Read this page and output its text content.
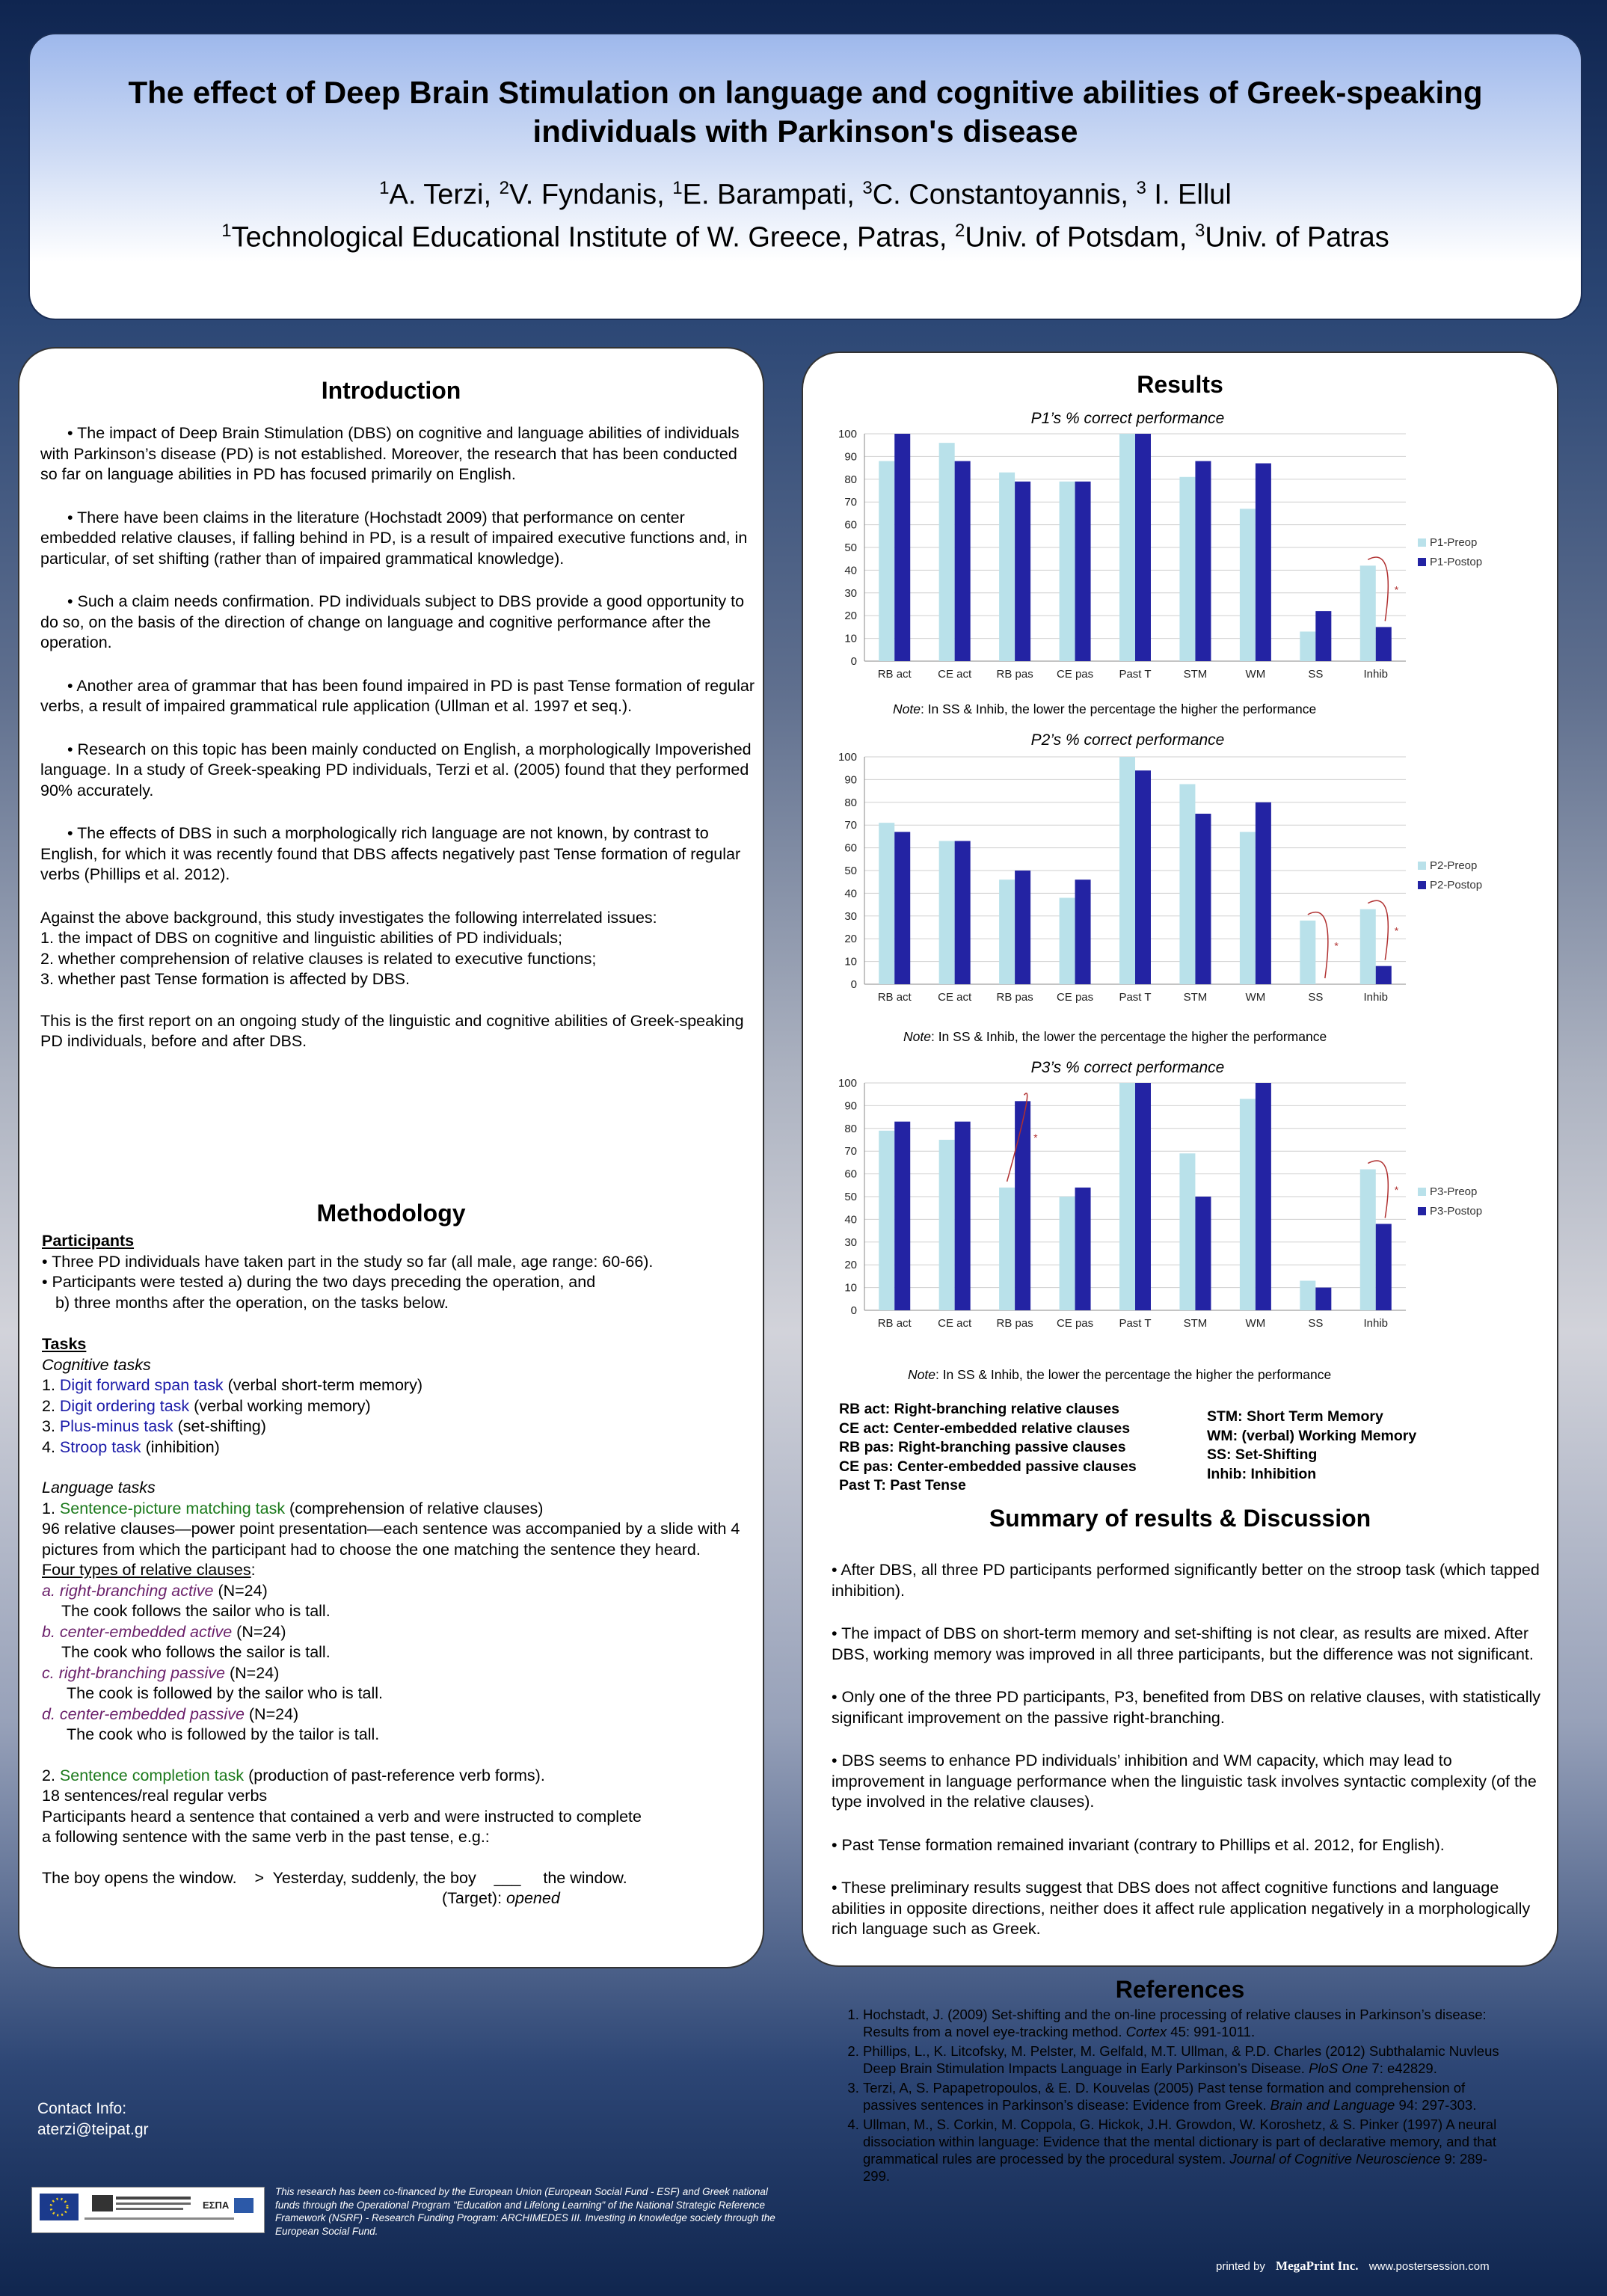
The effect of Deep Brain Stimulation on language and cognitive abilities of Greek-speaking
individuals with Parkinson's disease
$^1$A. Terzi, $^2$V. Fyndanis, $^1$E. Barampati, $^3$C. Constantoyannis, $^3$ I. Ellul
$^1$Technological Educational Institute of W. Greece, Patras, $^2$Univ. of Potsdam, $^3$Univ. of Patras
Introduction

• The impact of Deep Brain Stimulation (DBS) on cognitive and language abilities of individuals with Parkinson’s disease (PD) is not established. Moreover, the research that has been conducted so far on language abilities in PD has focused primarily on English.

• There have been claims in the literature (Hochstadt 2009) that performance on center embedded relative clauses, if falling behind in PD, is a result of impaired executive functions and, in particular, of set shifting (rather than of impaired grammatical knowledge).

• Such a claim needs confirmation. PD individuals subject to DBS provide a good opportunity to do so, on the basis of the direction of change on language and cognitive performance after the operation.

• Another area of grammar that has been found impaired in PD is past Tense formation of regular verbs, a result of impaired grammatical rule application (Ullman et al. 1997 et seq.).

• Research on this topic has been mainly conducted on English, a morphologically Impoverished language. In a study of Greek-speaking PD individuals, Terzi et al. (2005) found that they performed 90% accurately.

• The effects of DBS in such a morphologically rich language are not known, by contrast to English, for which it was recently found that DBS affects negatively past Tense formation of regular verbs (Phillips et al. 2012).

Against the above background, this study investigates the following interrelated issues:
1. the impact of DBS on cognitive and linguistic abilities of PD individuals;
2. whether comprehension of relative clauses is related to executive functions;
3. whether past Tense formation is affected by DBS.
This is the first report on an ongoing study of the linguistic and cognitive abilities of Greek-speaking PD individuals, before and after DBS.
Methodology
Participants
• Three PD individuals have taken part in the study so far (all male, age range: 60-66).
• Participants were tested a) during the two days preceding the operation, and
b) three months after the operation, on the tasks below.
Tasks
Cognitive tasks
1. Digit forward span task (verbal short-term memory)
2. Digit ordering task (verbal working memory)
3. Plus-minus task (set-shifting)
4. Stroop task (inhibition)
Language tasks
1. Sentence-picture matching task (comprehension of relative clauses)
96 relative clauses—power point presentation—each sentence was accompanied by a slide with 4 pictures from which the participant had to choose the one matching the sentence they heard.
Four types of relative clauses:
a. right-branching active (N=24)
The cook follows the sailor who is tall.
b. center-embedded active (N=24)
The cook who follows the sailor is tall.
c. right-branching passive (N=24)
The cook is followed by the sailor who is tall.
d. center-embedded passive (N=24)
The cook who is followed by the tailor is tall.
2. Sentence completion task (production of past-reference verb forms).
18 sentences/real regular verbs
Participants heard a sentence that contained a verb and were instructed to complete
a following sentence with the same verb in the past tense, e.g.:
The boy opens the window.    >  Yesterday, suddenly, the boy ___ the window.
(Target): opened
Results
P1’s % correct performance
0
10
20
30
40
50
60
70
80
90
100
RB act CE act RB pas CE pas Past T	STM	WM	SS	Inhib
*
P1-Preop
P1-Postop
Note: In SS & Inhib, the lower the percentage the higher the performance
P2’s % correct performance
0
10
20
30
40
50
60
70
80
90
100
RB act CE act RB pas CE pas Past T	STM	WM	SS
*
Inhib
*
P2-Preop
P2-Postop
Note: In SS & Inhib, the lower the percentage the higher the performance
P3’s % correct performance
0
10
20
30
40
50
60
70
80
90
100
RB act CE act RB pas
*
CE pas Past T	STM	WM	SS	Inhib
*	P3-Preop
P3-Postop
Note: In SS & Inhib, the lower the percentage the higher the performance
RB act: Right-branching relative clauses
CE act: Center-embedded relative clauses
RB pas: Right-branching passive clauses
CE pas: Center-embedded passive clauses
Past T: Past Tense
STM: Short Term Memory
WM: (verbal) Working Memory
SS: Set-Shifting
Inhib: Inhibition
Summary of results & Discussion

• After DBS, all three PD participants performed significantly better on the stroop task (which tapped inhibition).

• The impact of DBS on short-term memory and set-shifting is not clear, as results are mixed. After DBS, working memory was improved in all three participants, but the difference was not significant.

• Only one of the three PD participants, P3, benefited from DBS on relative clauses, with statistically significant improvement on the passive right-branching.

• DBS seems to enhance PD individuals’ inhibition and WM capacity, which may lead to improvement in language performance when the linguistic task involves syntactic complexity (of the type involved in the relative clauses).

• Past Tense formation remained invariant (contrary to Phillips et al. 2012, for English).

• These preliminary results suggest that DBS does not affect cognitive functions and language abilities in opposite directions, neither does it affect rule application negatively in a morphologically rich language such as Greek.

References
1. Hochstadt, J. (2009) Set-shifting and the on-line processing of relative clauses in Parkinson’s disease: Results from a novel eye-tracking method. Cortex 45: 991-1011.
2. Phillips, L., K. Litcofsky, M. Pelster, M. Gelfald, M.T. Ullman, & P.D. Charles (2012) Subthalamic Nuvleus Deep Brain Stimulation Impacts Language in Early Parkinson’s Disease. PloS One 7: e42829.
3. Terzi, A, S. Papapetropoulos, & E. D. Kouvelas (2005) Past tense formation and comprehension of passives sentences in Parkinson’s disease: Evidence from Greek. Brain and Language 94: 297-303.
4. Ullman, M., S. Corkin, M. Coppola, G. Hickok, J.H. Growdon, W. Koroshetz, & S. Pinker (1997) A neural dissociation within language: Evidence that the mental dictionary is part of declarative memory, and that grammatical rules are processed by the procedural system. Journal of Cognitive Neuroscience 9: 289-299.
Contact Info:
aterzi@teipat.gr
ΕΣΠΑ
This research has been co-financed by the European Union (European Social Fund - ESF) and Greek national funds through the Operational Program "Education and Lifelong Learning" of the National Strategic Reference Framework (NSRF) - Research Funding Program: ARCHIMEDES III. Investing in knowledge society through the European Social Fund.
printed by MegaPrint Inc. www.postersession.com
